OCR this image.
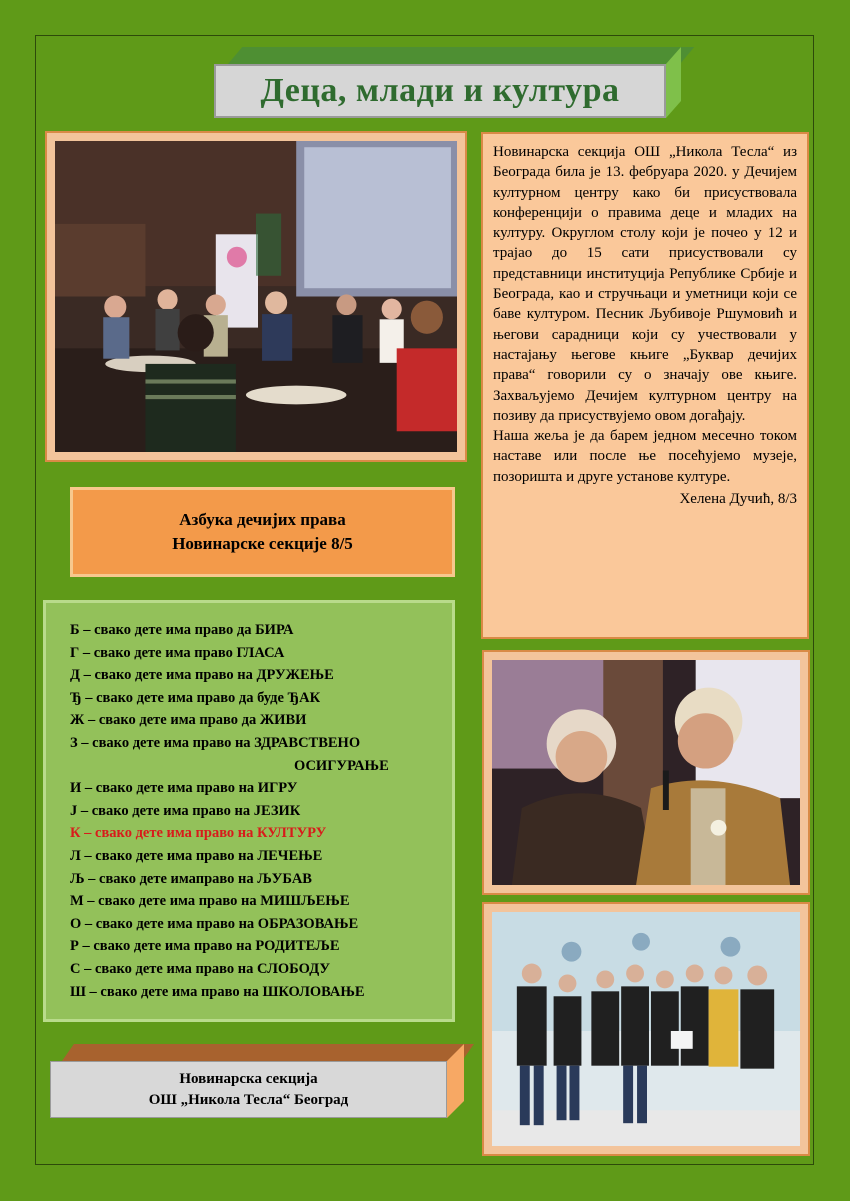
Деца, млади и култура

Новинарска секција ОШ „Никола Тесла“ из Београда била је 13. фебруара 2020. у Дечијем културном центру како би присуствовала конференцији о правима деце и младих на културу. Округлом столу који је почео у 12 и трајао до 15 сати присуствовали су представници институција Републике Србије и Београда, као и стручњаци и уметници који се баве културом. Песник Љубивоје Ршумовић и његови сарадници који су учествовали у настајању његове књиге „Буквар дечијих права“ говорили су о значају ове књиге. Захваљујемо Дечијем културном центру на позиву да присуствујемо овом догађају.

Наша жеља је да барем једном месечно током наставе или после ње посећујемо музеје, позоришта и друге установе културе.

Хелена Дучић, 8/3

Азбука дечијих права
Новинарске секције 8/5
Б – свако дете има право да БИРА
Г – свако дете има право ГЛАСА
Д – свако дете има право на ДРУЖЕЊЕ
Ђ – свако дете има право да буде ЂАК
Ж – свако дете има право да ЖИВИ
З – свако дете има право на ЗДРАВСТВЕНО
ОСИГУРАЊЕ
И – свако дете има право на ИГРУ
Ј – свако дете има право на ЈЕЗИК
К – свако дете има право на КУЛТУРУ
Л – свако дете има право на ЛЕЧЕЊЕ
Љ – свако дете имаправо на ЉУБАВ
М – свако дете има право на МИШЉЕЊЕ
О – свако дете има право на ОБРАЗОВАЊЕ
Р – свако дете има право на РОДИТЕЉЕ
С – свако дете има право на СЛОБОДУ
Ш – свако дете има право на ШКОЛОВАЊЕ
Новинарска секција
ОШ „Никола Тесла“ Београд
